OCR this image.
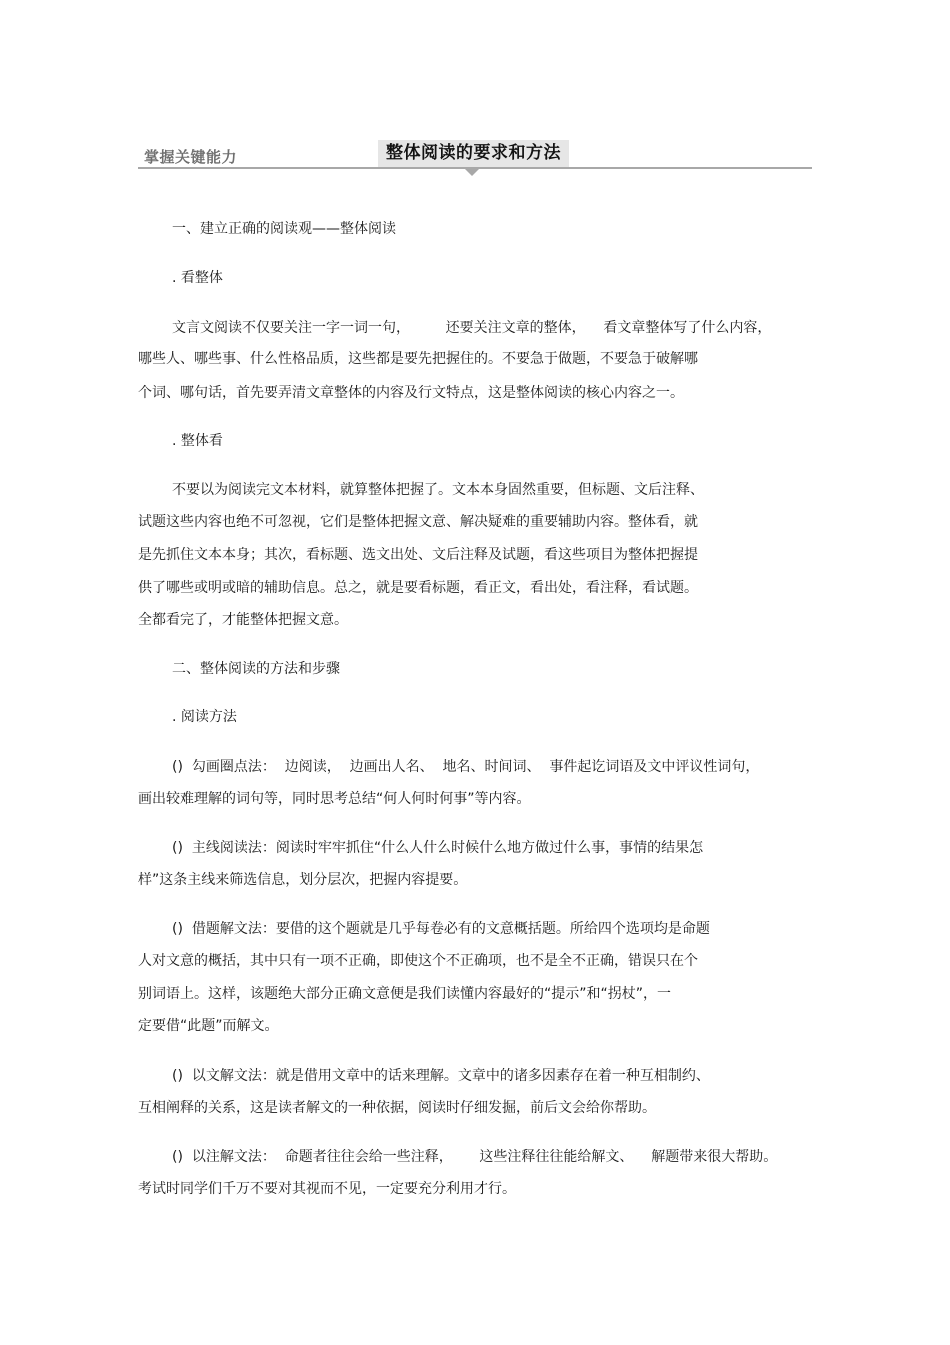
掌握关键能力	整体阅读的要求和方法
一、建立正确的阅读观——整体阅读
. 看整体
文言文阅读不仅要关注一字一词一句，        还要关注文章的整体，    看文章整体写了什么内容，
哪些人、哪些事、什么性格品质，这些都是要先把握住的。不要急于做题，不要急于破解哪
个词、哪句话，首先要弄清文章整体的内容及行文特点，这是整体阅读的核心内容之一。
. 整体看
不要以为阅读完文本材料，就算整体把握了。文本本身固然重要，但标题、文后注释、
试题这些内容也绝不可忽视，它们是整体把握文意、解决疑难的重要辅助内容。整体看，就
是先抓住文本本身；其次，看标题、选文出处、文后注释及试题，看这些项目为整体把握提
供了哪些或明或暗的辅助信息。总之，就是要看标题，看正文，看出处，看注释，看试题。
全都看完了，才能整体把握文意。
二、整体阅读的方法和步骤
. 阅读方法
()  勾画圈点法：  边阅读，  边画出人名、  地名、时间词、  事件起讫词语及文中评议性词句，
画出较难理解的词句等，同时思考总结“何人何时何事”等内容。
()  主线阅读法：阅读时牢牢抓住“什么人什么时候什么地方做过什么事，事情的结果怎
样”这条主线来筛选信息，划分层次，把握内容提要。
()  借题解文法：要借的这个题就是几乎每卷必有的文意概括题。所给四个选项均是命题
人对文意的概括，其中只有一项不正确，即使这个不正确项，也不是全不正确，错误只在个
别词语上。这样，该题绝大部分正确文意便是我们读懂内容最好的“提示”和“拐杖”，一
定要借“此题”而解文。
()  以文解文法：就是借用文章中的话来理解。文章中的诸多因素存在着一种互相制约、
互相阐释的关系，这是读者解文的一种依据，阅读时仔细发掘，前后文会给你帮助。
()  以注解文法：  命题者往往会给一些注释，      这些注释往往能给解文、    解题带来很大帮助。
考试时同学们千万不要对其视而不见，一定要充分利用才行。
